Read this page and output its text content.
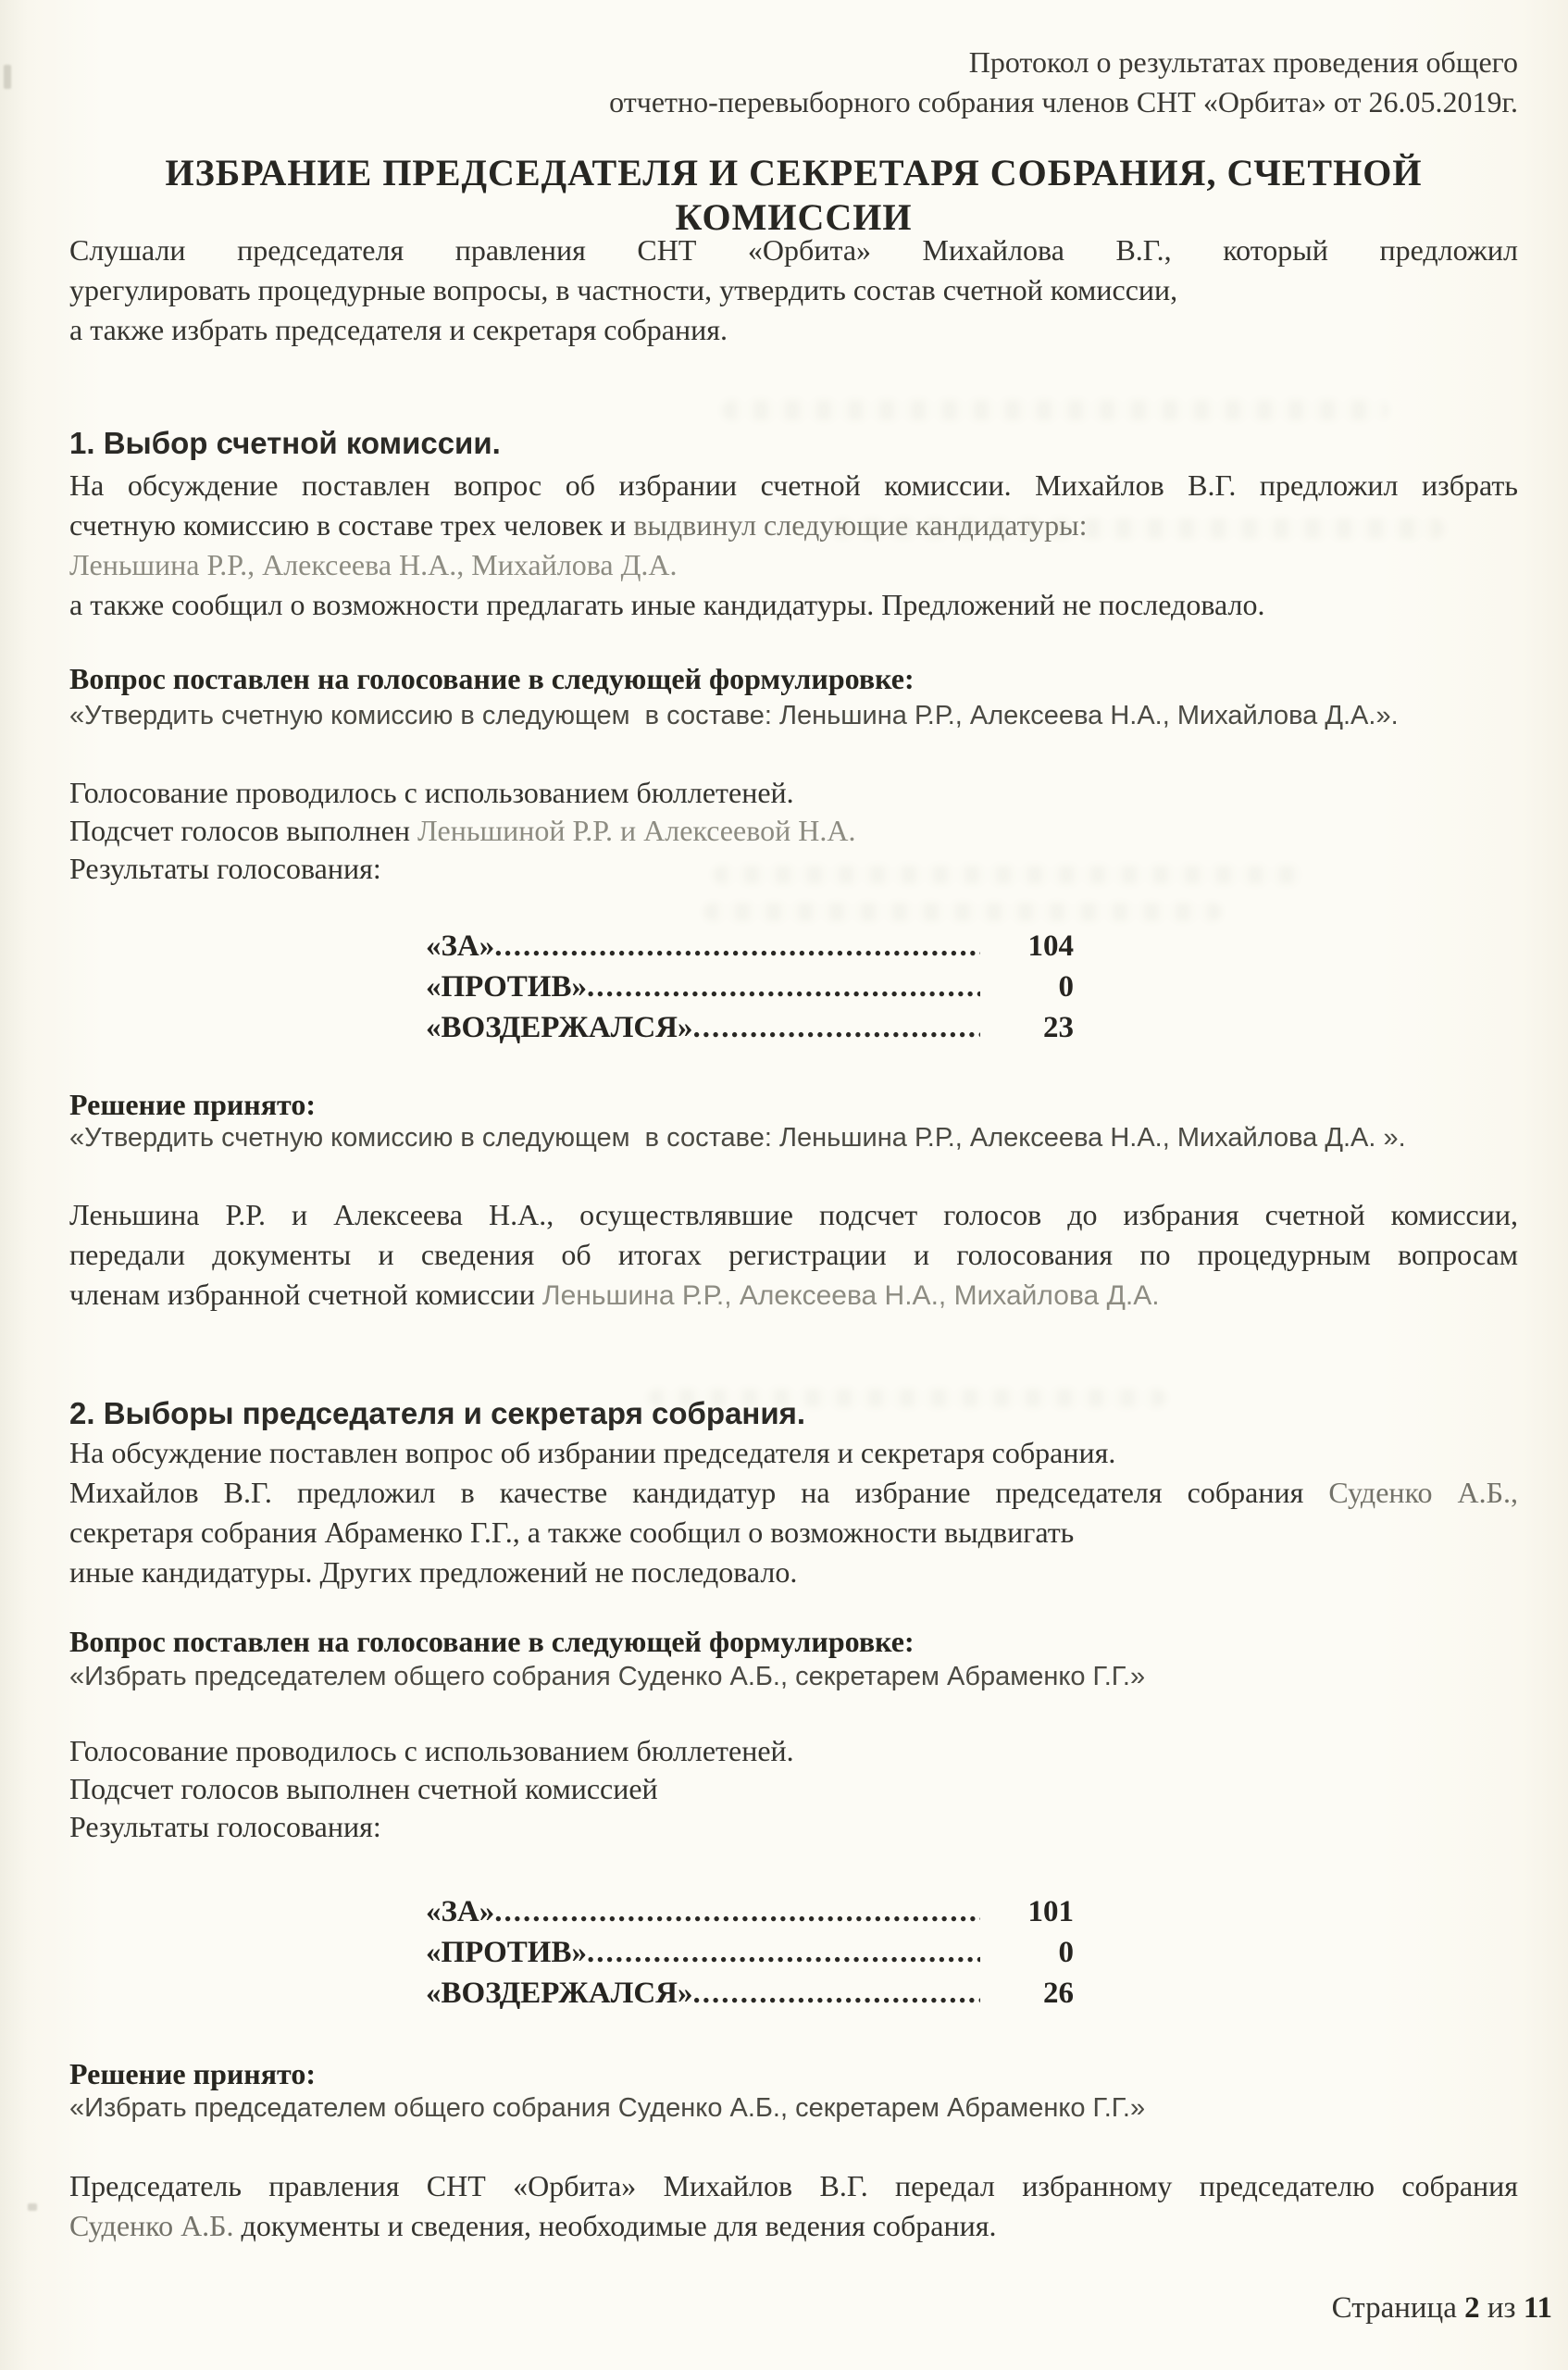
Протокол о результатах проведения общего
отчетно-перевыборного собрания членов СНТ «Орбита» от 26.05.2019г.
ИЗБРАНИЕ ПРЕДСЕДАТЕЛЯ И СЕКРЕТАРЯ СОБРАНИЯ, СЧЕТНОЙ КОМИССИИ
Слушали председателя правления СНТ «Орбита» Михайлова В.Г., который предложил
урегулировать процедурные вопросы, в частности, утвердить состав счетной комиссии,
а также избрать председателя и секретаря собрания.
1. Выбор счетной комиссии.
На обсуждение поставлен вопрос об избрании счетной комиссии. Михайлов В.Г. предложил избрать
счетную комиссию в составе трех человек и выдвинул следующие кандидатуры:
Леньшина Р.Р., Алексеева Н.А., Михайлова Д.А.
а также сообщил о возможности предлагать иные кандидатуры. Предложений не последовало.
Вопрос поставлен на голосование в следующей формулировке:
«Утвердить счетную комиссию в следующем  в составе: Леньшина Р.Р., Алексеева Н.А., Михайлова Д.А.».
Голосование проводилось с использованием бюллетеней.
Подсчет голосов выполнен Леньшиной Р.Р. и Алексеевой Н.А.
Результаты голосования:
«ЗА» .....	104
«ПРОТИВ» .....	0
«ВОЗДЕРЖАЛСЯ» .....	23
Решение принято:
«Утвердить счетную комиссию в следующем  в составе: Леньшина Р.Р., Алексеева Н.А., Михайлова Д.А. ».
Леньшина Р.Р. и Алексеева Н.А., осуществлявшие подсчет голосов до избрания счетной комиссии,
передали документы и сведения об итогах регистрации и голосования по процедурным вопросам
членам избранной счетной комиссии Леньшина Р.Р., Алексеева Н.А., Михайлова Д.А.
2. Выборы председателя и секретаря собрания.
На обсуждение поставлен вопрос об избрании председателя и секретаря собрания.
Михайлов В.Г. предложил в качестве кандидатур на избрание председателя собрания Суденко А.Б.,
секретаря собрания Абраменко Г.Г., а также сообщил о возможности выдвигать
иные кандидатуры. Других предложений не последовало.
Вопрос поставлен на голосование в следующей формулировке:
«Избрать председателем общего собрания Суденко А.Б., секретарем Абраменко Г.Г.»
Голосование проводилось с использованием бюллетеней.
Подсчет голосов выполнен счетной комиссией
Результаты голосования:
«ЗА» .....	101
«ПРОТИВ» .....	0
«ВОЗДЕРЖАЛСЯ» .....	26
Решение принято:
«Избрать председателем общего собрания Суденко А.Б., секретарем Абраменко Г.Г.»
Председатель правления СНТ «Орбита» Михайлов В.Г. передал избранному председателю собрания
Суденко А.Б. документы и сведения, необходимые для ведения собрания.
Страница 2 из 11
